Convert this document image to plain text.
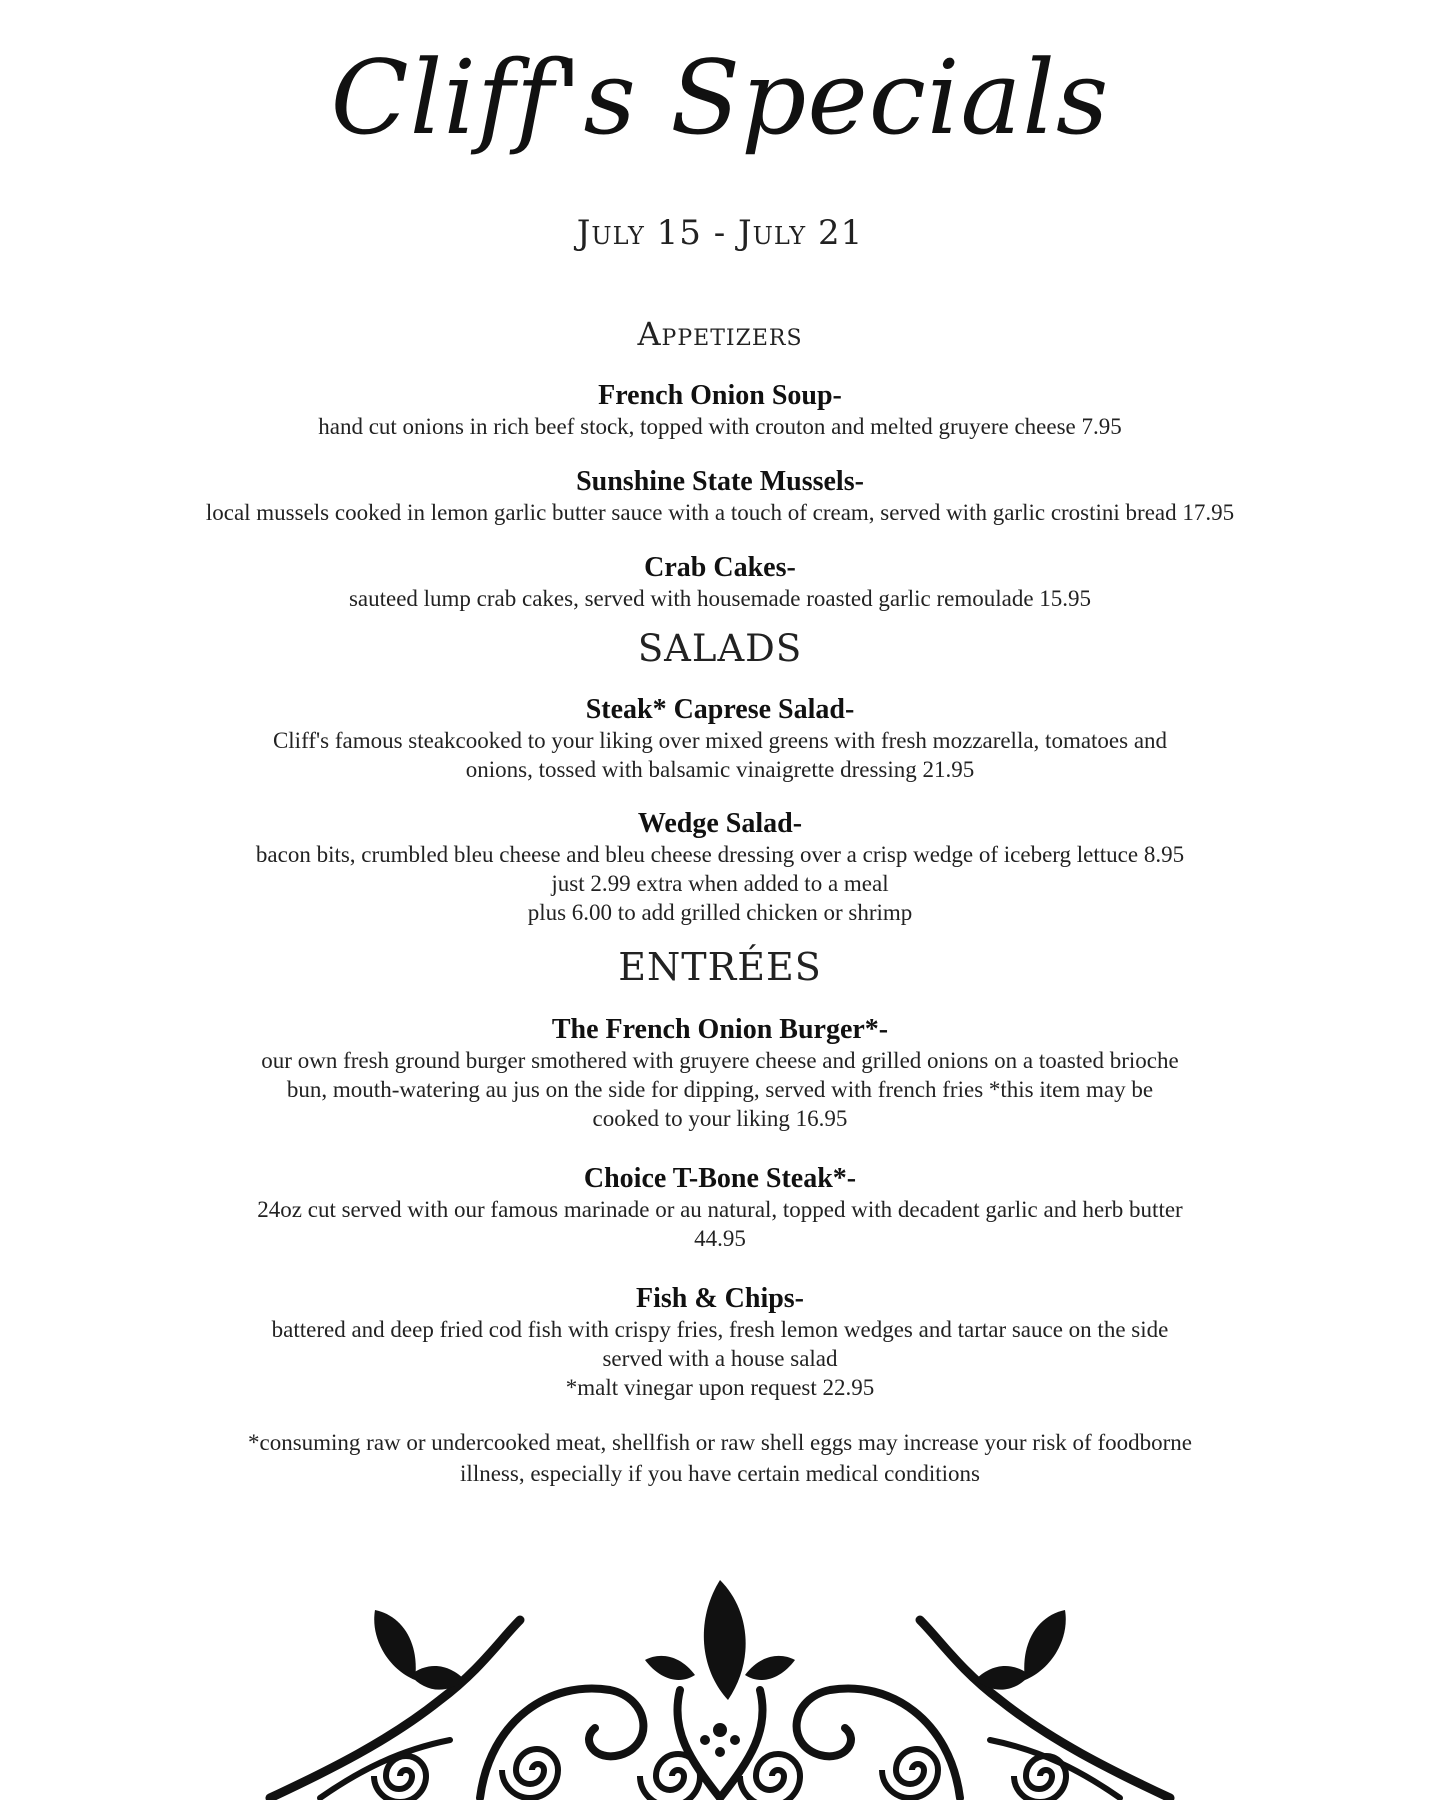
Cliff's Specials
July 15 - July 21
Appetizers
French Onion Soup-
hand cut onions in rich beef stock, topped with crouton and melted gruyere cheese 7.95
Sunshine State Mussels-
local mussels cooked in lemon garlic butter sauce with a touch of cream, served with garlic crostini bread 17.95
Crab Cakes-
sauteed lump crab cakes, served with housemade roasted garlic remoulade 15.95
SALADS
Steak* Caprese Salad-
Cliff's famous steakcooked to your liking over mixed greens with fresh mozzarella, tomatoes and
onions, tossed with balsamic vinaigrette dressing 21.95
Wedge Salad-
bacon bits, crumbled bleu cheese and bleu cheese dressing over a crisp wedge of iceberg lettuce 8.95
just 2.99 extra when added to a meal
plus 6.00 to add grilled chicken or shrimp
ENTRÉES
The French Onion Burger*-
our own fresh ground burger smothered with gruyere cheese and grilled onions on a toasted brioche
bun, mouth-watering au jus on the side for dipping, served with french fries *this item may be
cooked to your liking 16.95
Choice T-Bone Steak*-
24oz cut served with our famous marinade or au natural, topped with decadent garlic and herb butter
44.95
Fish & Chips-
battered and deep fried cod fish with crispy fries, fresh lemon wedges and tartar sauce on the side
served with a house salad
*malt vinegar upon request 22.95
*consuming raw or undercooked meat, shellfish or raw shell eggs may increase your risk of foodborne
illness, especially if you have certain medical conditions
